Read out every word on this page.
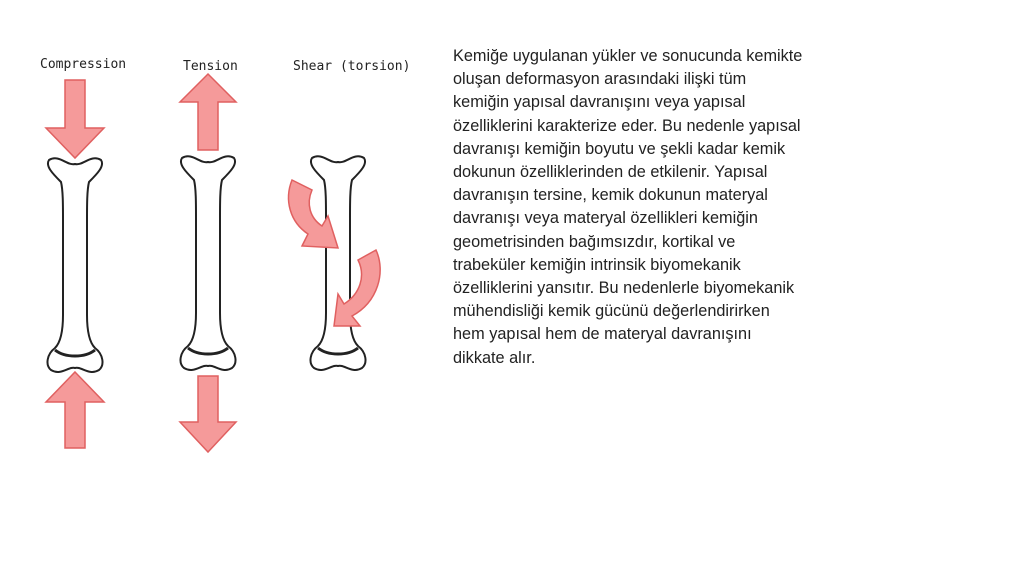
Compression	Tension	Shear (torsion)

Kemiğe uygulanan yükler ve sonucunda kemikte
oluşan deformasyon arasındaki ilişki tüm
kemiğin yapısal davranışını veya yapısal
özelliklerini karakterize eder. Bu nedenle yapısal
davranışı kemiğin boyutu ve şekli kadar kemik
dokunun özelliklerinden de etkilenir. Yapısal
davranışın tersine, kemik dokunun materyal
davranışı veya materyal özellikleri kemiğin
geometrisinden bağımsızdır, kortikal ve
trabeküler kemiğin intrinsik biyomekanik
özelliklerini yansıtır. Bu nedenlerle biyomekanik
mühendisliği kemik gücünü değerlendirirken
hem yapısal hem de materyal davranışını
dikkate alır.
